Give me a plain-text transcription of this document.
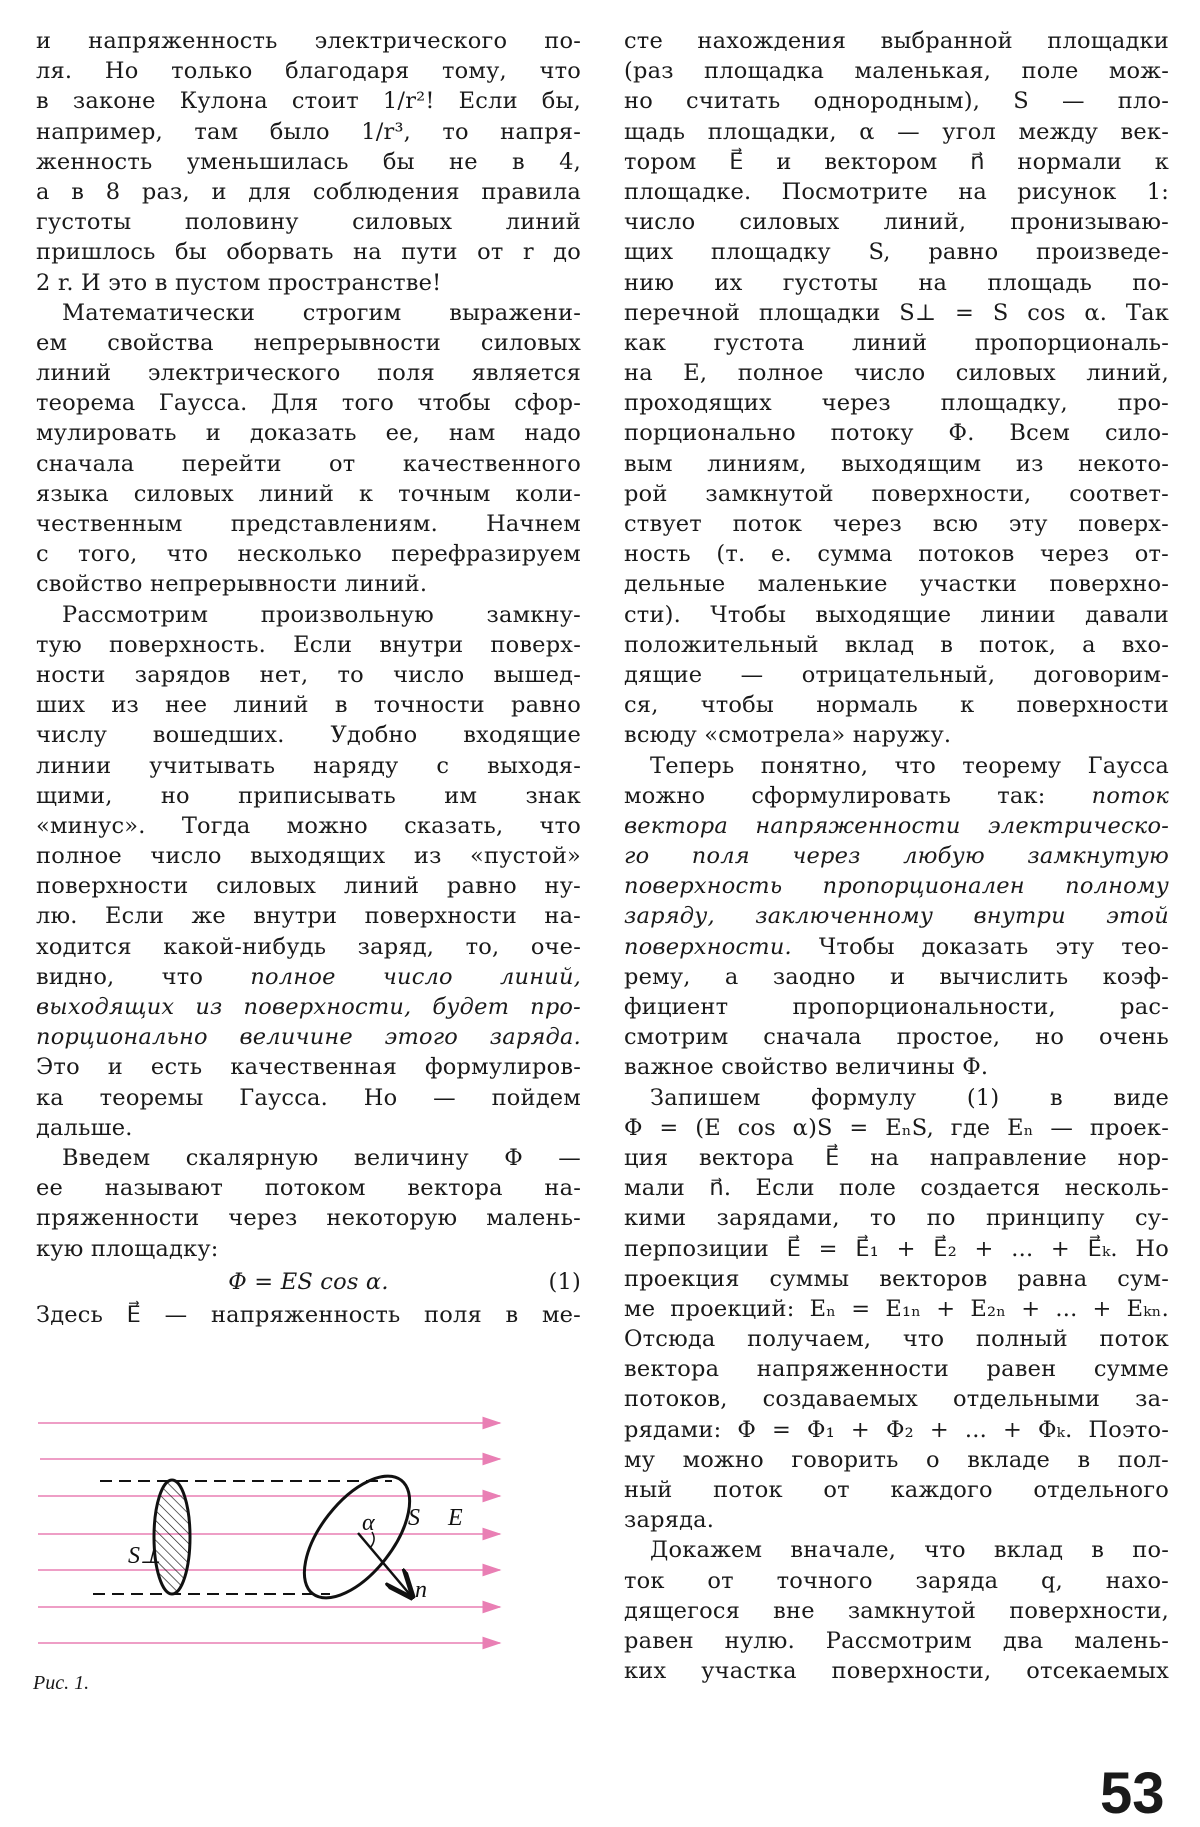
и напряженность электрического по-
ля. Но только благодаря тому, что
в законе Кулона стоит 1/r²! Если бы,
например, там было 1/r³, то напря-
женность уменьшилась бы не в 4,
а в 8 раз, и для соблюдения правила
густоты половину силовых линий
пришлось бы оборвать на пути от r до
2 r. И это в пустом пространстве!
Математически строгим выражени-
ем свойства непрерывности силовых
линий электрического поля является
теорема Гаусса. Для того чтобы сфор-
мулировать и доказать ее, нам надо
сначала перейти от качественного
языка силовых линий к точным коли-
чественным представлениям. Начнем
с того, что несколько перефразируем
свойство непрерывности линий.
Рассмотрим произвольную замкну-
тую поверхность. Если внутри поверх-
ности зарядов нет, то число вышед-
ших из нее линий в точности равно
числу вошедших. Удобно входящие
линии учитывать наряду с выходя-
щими, но приписывать им знак
«минус». Тогда можно сказать, что
полное число выходящих из «пустой»
поверхности силовых линий равно ну-
лю. Если же внутри поверхности на-
ходится какой-нибудь заряд, то, оче-
видно, что полное число линий,
выходящих из поверхности, будет про-
порционально величине этого заряда.
Это и есть качественная формулиров-
ка теоремы Гаусса. Но — пойдем
дальше.
Введем скалярную величину Φ —
ее называют потоком вектора на-
пряженности через некоторую малень-
кую площадку:
Φ = ES cos α.	(1)
Здесь E⃗ — напряженность поля в ме-
S⊥
α S E⃗
n⃗
Рис. 1.
сте нахождения выбранной площадки
(раз площадка маленькая, поле мож-
но считать однородным), S — пло-
щадь площадки, α — угол между век-
тором E⃗ и вектором n⃗ нормали к
площадке. Посмотрите на рисунок 1:
число силовых линий, пронизываю-
щих площадку S, равно произведе-
нию их густоты на площадь по-
перечной площадки S⊥ = S cos α. Так
как густота линий пропорциональ-
на E, полное число силовых линий,
проходящих через площадку, про-
порционально потоку Φ. Всем сило-
вым линиям, выходящим из некото-
рой замкнутой поверхности, соответ-
ствует поток через всю эту поверх-
ность (т. е. сумма потоков через от-
дельные маленькие участки поверхно-
сти). Чтобы выходящие линии давали
положительный вклад в поток, а вхо-
дящие — отрицательный, договорим-
ся, чтобы нормаль к поверхности
всюду «смотрела» наружу.
Теперь понятно, что теорему Гаусса
можно сформулировать так: поток
вектора напряженности электрическо-
го поля через любую замкнутую
поверхность пропорционален полному
заряду, заключенному внутри этой
поверхности. Чтобы доказать эту тео-
рему, а заодно и вычислить коэф-
фициент пропорциональности, рас-
смотрим сначала простое, но очень
важное свойство величины Φ.
Запишем формулу (1) в виде
Φ = (E cos α)S = EₙS, где Eₙ — проек-
ция вектора E⃗ на направление нор-
мали n⃗. Если поле создается несколь-
кими зарядами, то по принципу су-
перпозиции E⃗ = E⃗₁ + E⃗₂ + ... + E⃗ₖ. Но
проекция суммы векторов равна сум-
ме проекций: Eₙ = E₁ₙ + E₂ₙ + ... + Eₖₙ.
Отсюда получаем, что полный поток
вектора напряженности равен сумме
потоков, создаваемых отдельными за-
рядами: Φ = Φ₁ + Φ₂ + ... + Φₖ. Поэто-
му можно говорить о вкладе в пол-
ный поток от каждого отдельного
заряда.
Докажем вначале, что вклад в по-
ток от точного заряда q, нахо-
дящегося вне замкнутой поверхности,
равен нулю. Рассмотрим два малень-
ких участка поверхности, отсекаемых
53
